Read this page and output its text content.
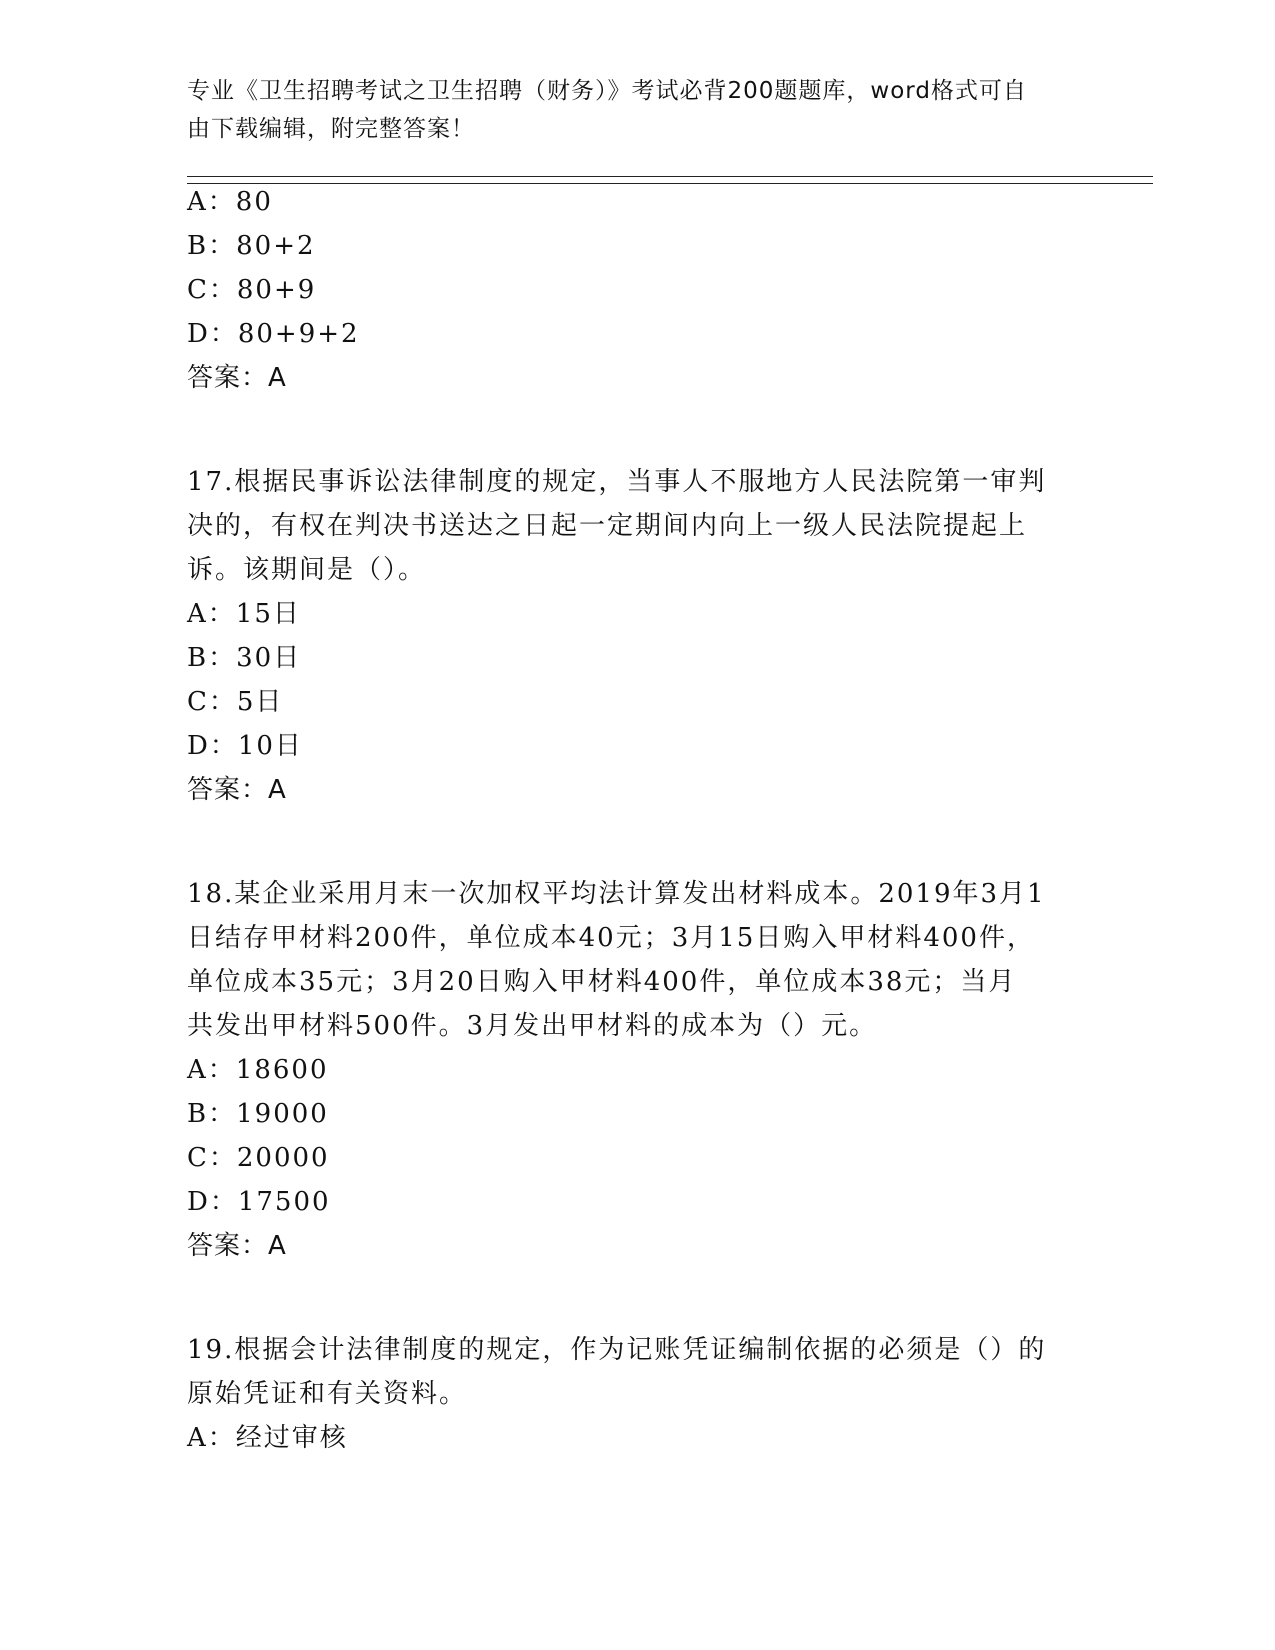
专业《卫生招聘考试之卫生招聘（财务）》考试必背200题题库，word格式可自
由下载编辑，附完整答案！
A：80
B：80+2
C：80+9
D：80+9+2
答案：A
17.根据民事诉讼法律制度的规定，当事人不服地方人民法院第一审判
决的，有权在判决书送达之日起一定期间内向上一级人民法院提起上
诉。该期间是（）。
A：15日
B：30日
C：5日
D：10日
答案：A
18.某企业采用月末一次加权平均法计算发出材料成本。2019年3月1
日结存甲材料200件，单位成本40元；3月15日购入甲材料400件，
单位成本35元；3月20日购入甲材料400件，单位成本38元；当月
共发出甲材料500件。3月发出甲材料的成本为（）元。
A：18600
B：19000
C：20000
D：17500
答案：A
19.根据会计法律制度的规定，作为记账凭证编制依据的必须是（）的
原始凭证和有关资料。
A：经过审核
